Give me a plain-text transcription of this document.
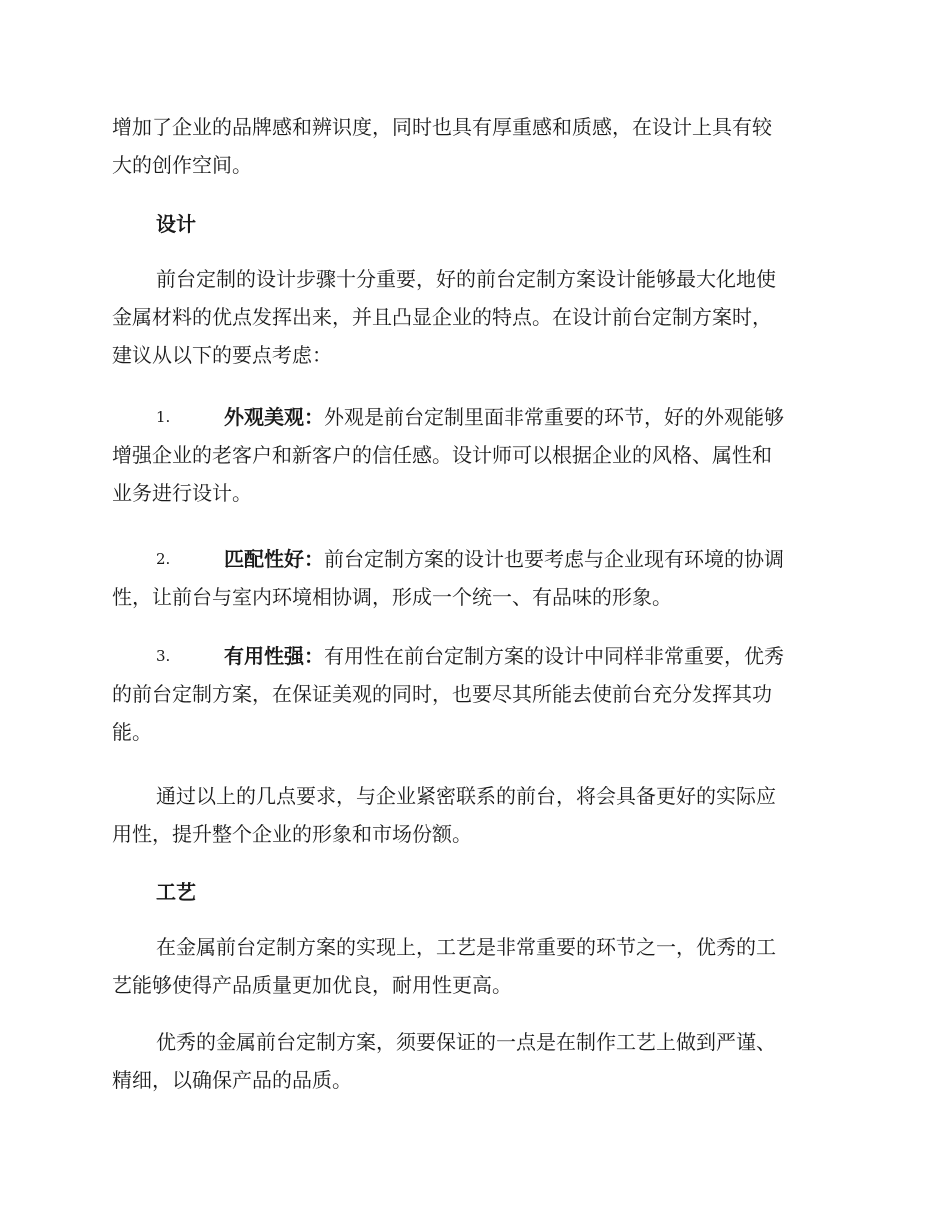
增加了企业的品牌感和辨识度，同时也具有厚重感和质感，在设计上具有较
大的创作空间。
设计
前台定制的设计步骤十分重要，好的前台定制方案设计能够最大化地使
金属材料的优点发挥出来，并且凸显企业的特点。在设计前台定制方案时，
建议从以下的要点考虑：
1.	外观美观：外观是前台定制里面非常重要的环节，好的外观能够
增强企业的老客户和新客户的信任感。设计师可以根据企业的风格、属性和
业务进行设计。
2.	匹配性好：前台定制方案的设计也要考虑与企业现有环境的协调
性，让前台与室内环境相协调，形成一个统一、有品味的形象。
3.	有用性强：有用性在前台定制方案的设计中同样非常重要，优秀
的前台定制方案，在保证美观的同时，也要尽其所能去使前台充分发挥其功
能。
通过以上的几点要求，与企业紧密联系的前台，将会具备更好的实际应
用性，提升整个企业的形象和市场份额。
工艺
在金属前台定制方案的实现上，工艺是非常重要的环节之一，优秀的工
艺能够使得产品质量更加优良，耐用性更高。
优秀的金属前台定制方案，须要保证的一点是在制作工艺上做到严谨、
精细，以确保产品的品质。
